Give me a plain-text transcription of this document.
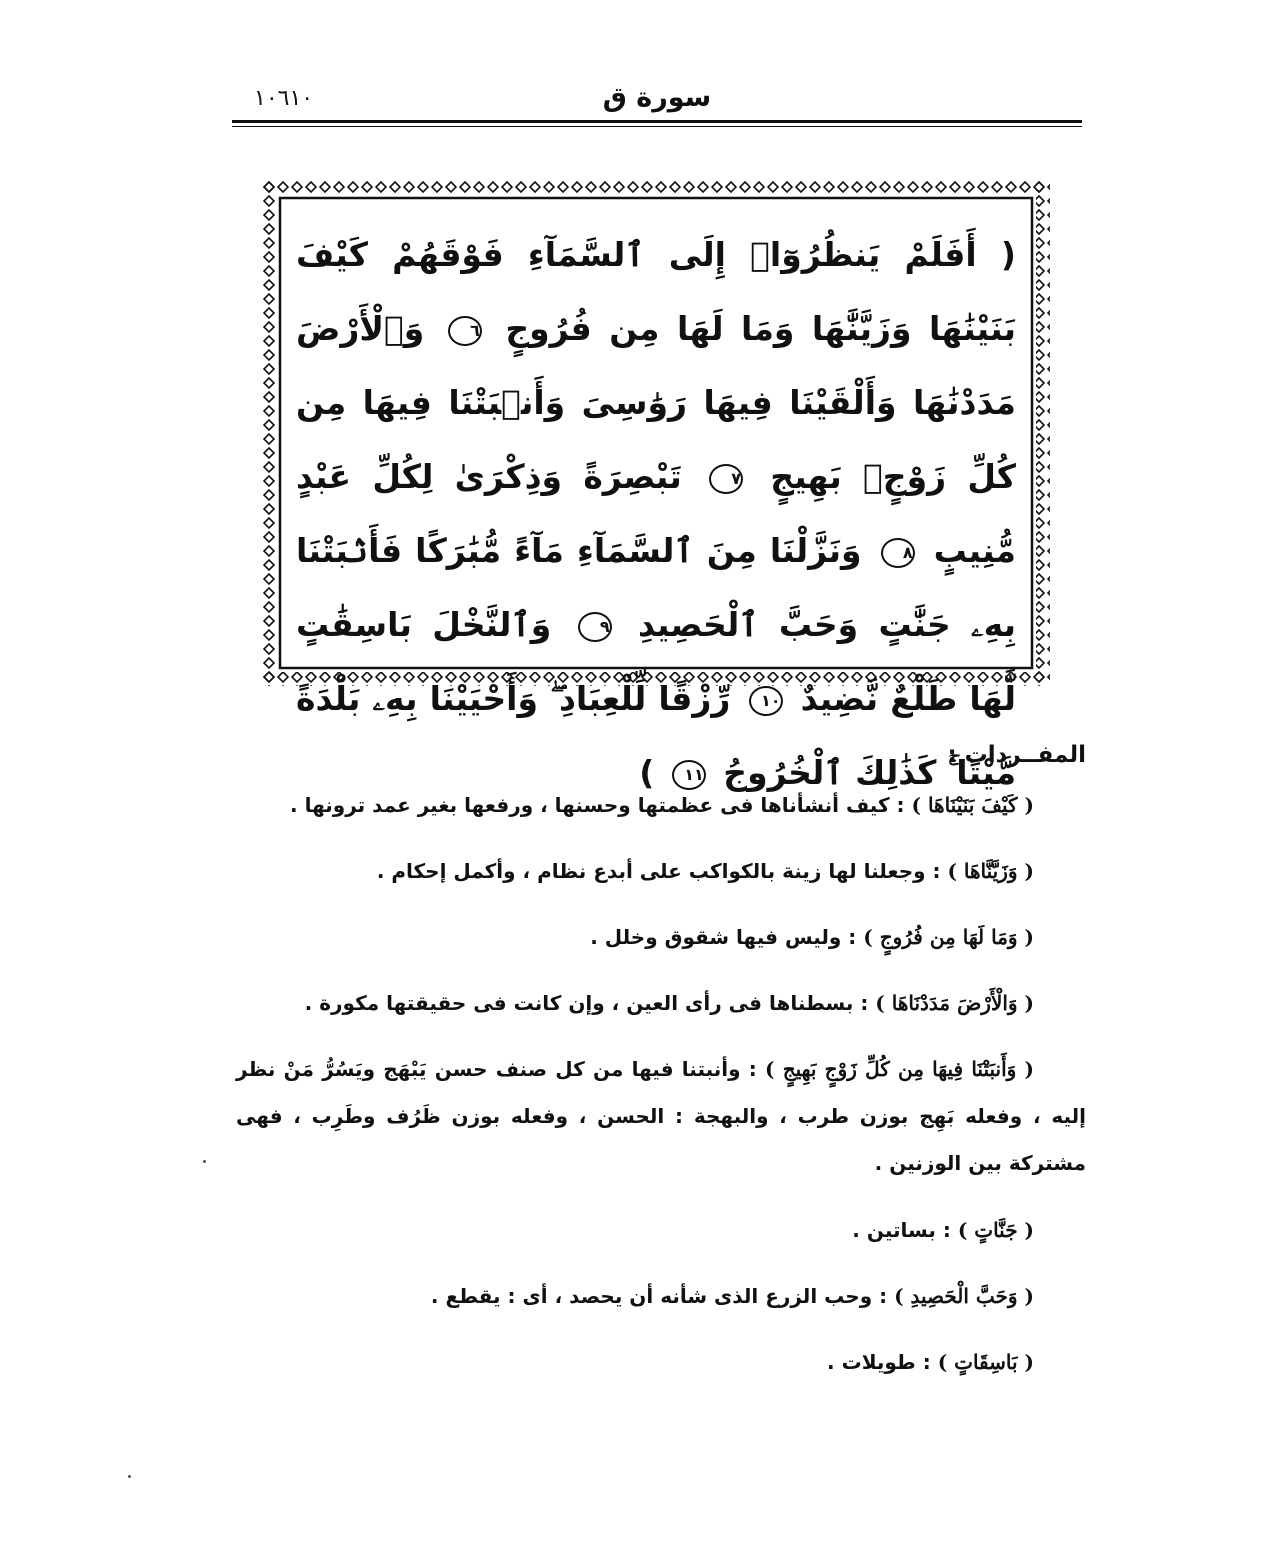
١٠٦١٠	سورة ق

( أَفَلَمْ يَنظُرُوٓا۟ إِلَى ٱلسَّمَآءِ فَوْقَهُمْ كَيْفَ بَنَيْنَٰهَا وَزَيَّنَّٰهَا وَمَا لَهَا مِن فُرُوجٍ ٦ وَٱلْأَرْضَ مَدَدْنَٰهَا وَأَلْقَيْنَا فِيهَا رَوَٰسِىَ وَأَنۢبَتْنَا فِيهَا مِن كُلِّ زَوْجٍۭ بَهِيجٍ ٧ تَبْصِرَةً وَذِكْرَىٰ لِكُلِّ عَبْدٍ مُّنِيبٍ ٨ وَنَزَّلْنَا مِنَ ٱلسَّمَآءِ مَآءً مُّبَٰرَكًا فَأَنۢبَتْنَا بِهِۦ جَنَّٰتٍ وَحَبَّ ٱلْحَصِيدِ ٩ وَٱلنَّخْلَ بَاسِقَٰتٍ لَّهَا طَلْعٌ نَّضِيدٌ ١٠ رِّزْقًا لِّلْعِبَادِ ۖ وَأَحْيَيْنَا بِهِۦ بَلْدَةً مَّيْتًا ۚ كَذَٰلِكَ ٱلْخُرُوجُ ١١ )	المفــردات :

( كَيْفَ بَنَيْنَاهَا ) : كيف أنشأناها فى عظمتها وحسنها ، ورفعها بغير عمد ترونها .

( وَزَيَّنَّاهَا ) : وجعلنا لها زينة بالكواكب على أبدع نظام ، وأكمل إحكام .

( وَمَا لَهَا مِن فُرُوجٍ ) : وليس فيها شقوق وخلل .

( وَالْأَرْضَ مَدَدْنَاهَا ) : بسطناها فى رأى العين ، وإن كانت فى حقيقتها مكورة .

( وَأَنبَتْنَا فِيهَا مِن كُلِّ زَوْجٍ بَهِيجٍ ) : وأنبتنا فيها من كل صنف حسن يَبْهَج ويَسُرُّ مَنْ نظر إليه ، وفعله بَهِج بوزن طرب ، والبهجة : الحسن ، وفعله بوزن ظَرُف وطَرِب ، فهى مشتركة بين الوزنين .

( جَنَّاتٍ ) : بساتين .

( وَحَبَّ الْحَصِيدِ ) : وحب الزرع الذى شأنه أن يحصد ، أى : يقطع .

( بَاسِقَاتٍ ) : طويلات .
